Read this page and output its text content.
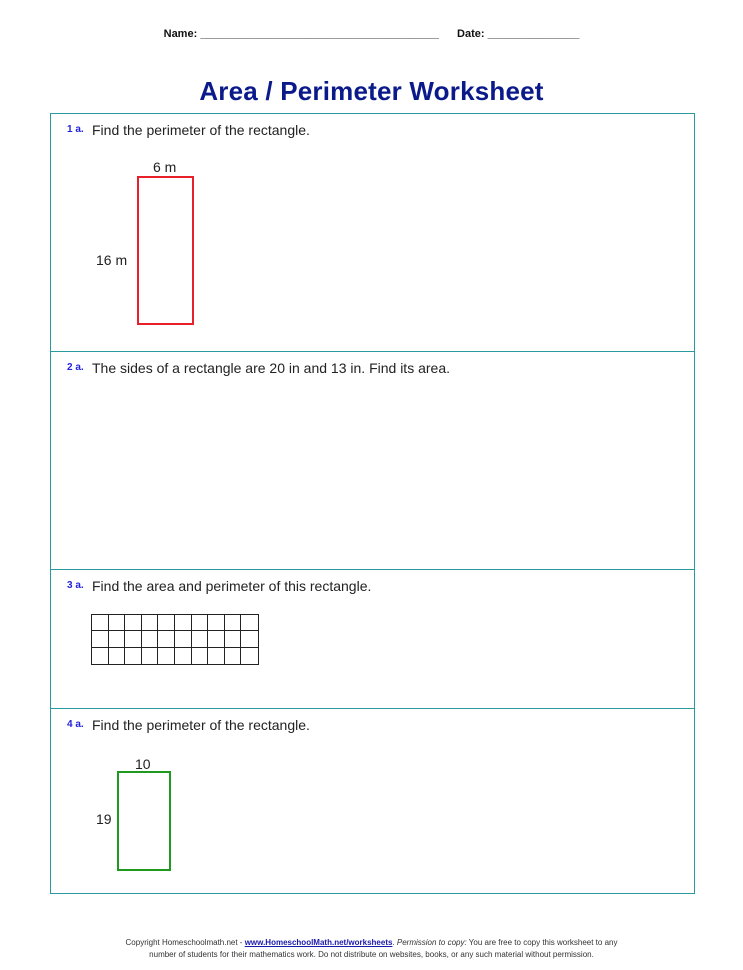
Name: _______________________________________ Date: _______________
Area / Perimeter Worksheet
1 a. Find the perimeter of the rectangle.
6 m
16 m
2 a. The sides of a rectangle are 20 in and 13 in. Find its area.
3 a. Find the area and perimeter of this rectangle.
4 a. Find the perimeter of the rectangle.
10
19
Copyright Homeschoolmath.net - www.HomeschoolMath.net/worksheets. Permission to copy: You are free to copy this worksheet to any
number of students for their mathematics work. Do not distribute on websites, books, or any such material without permission.
